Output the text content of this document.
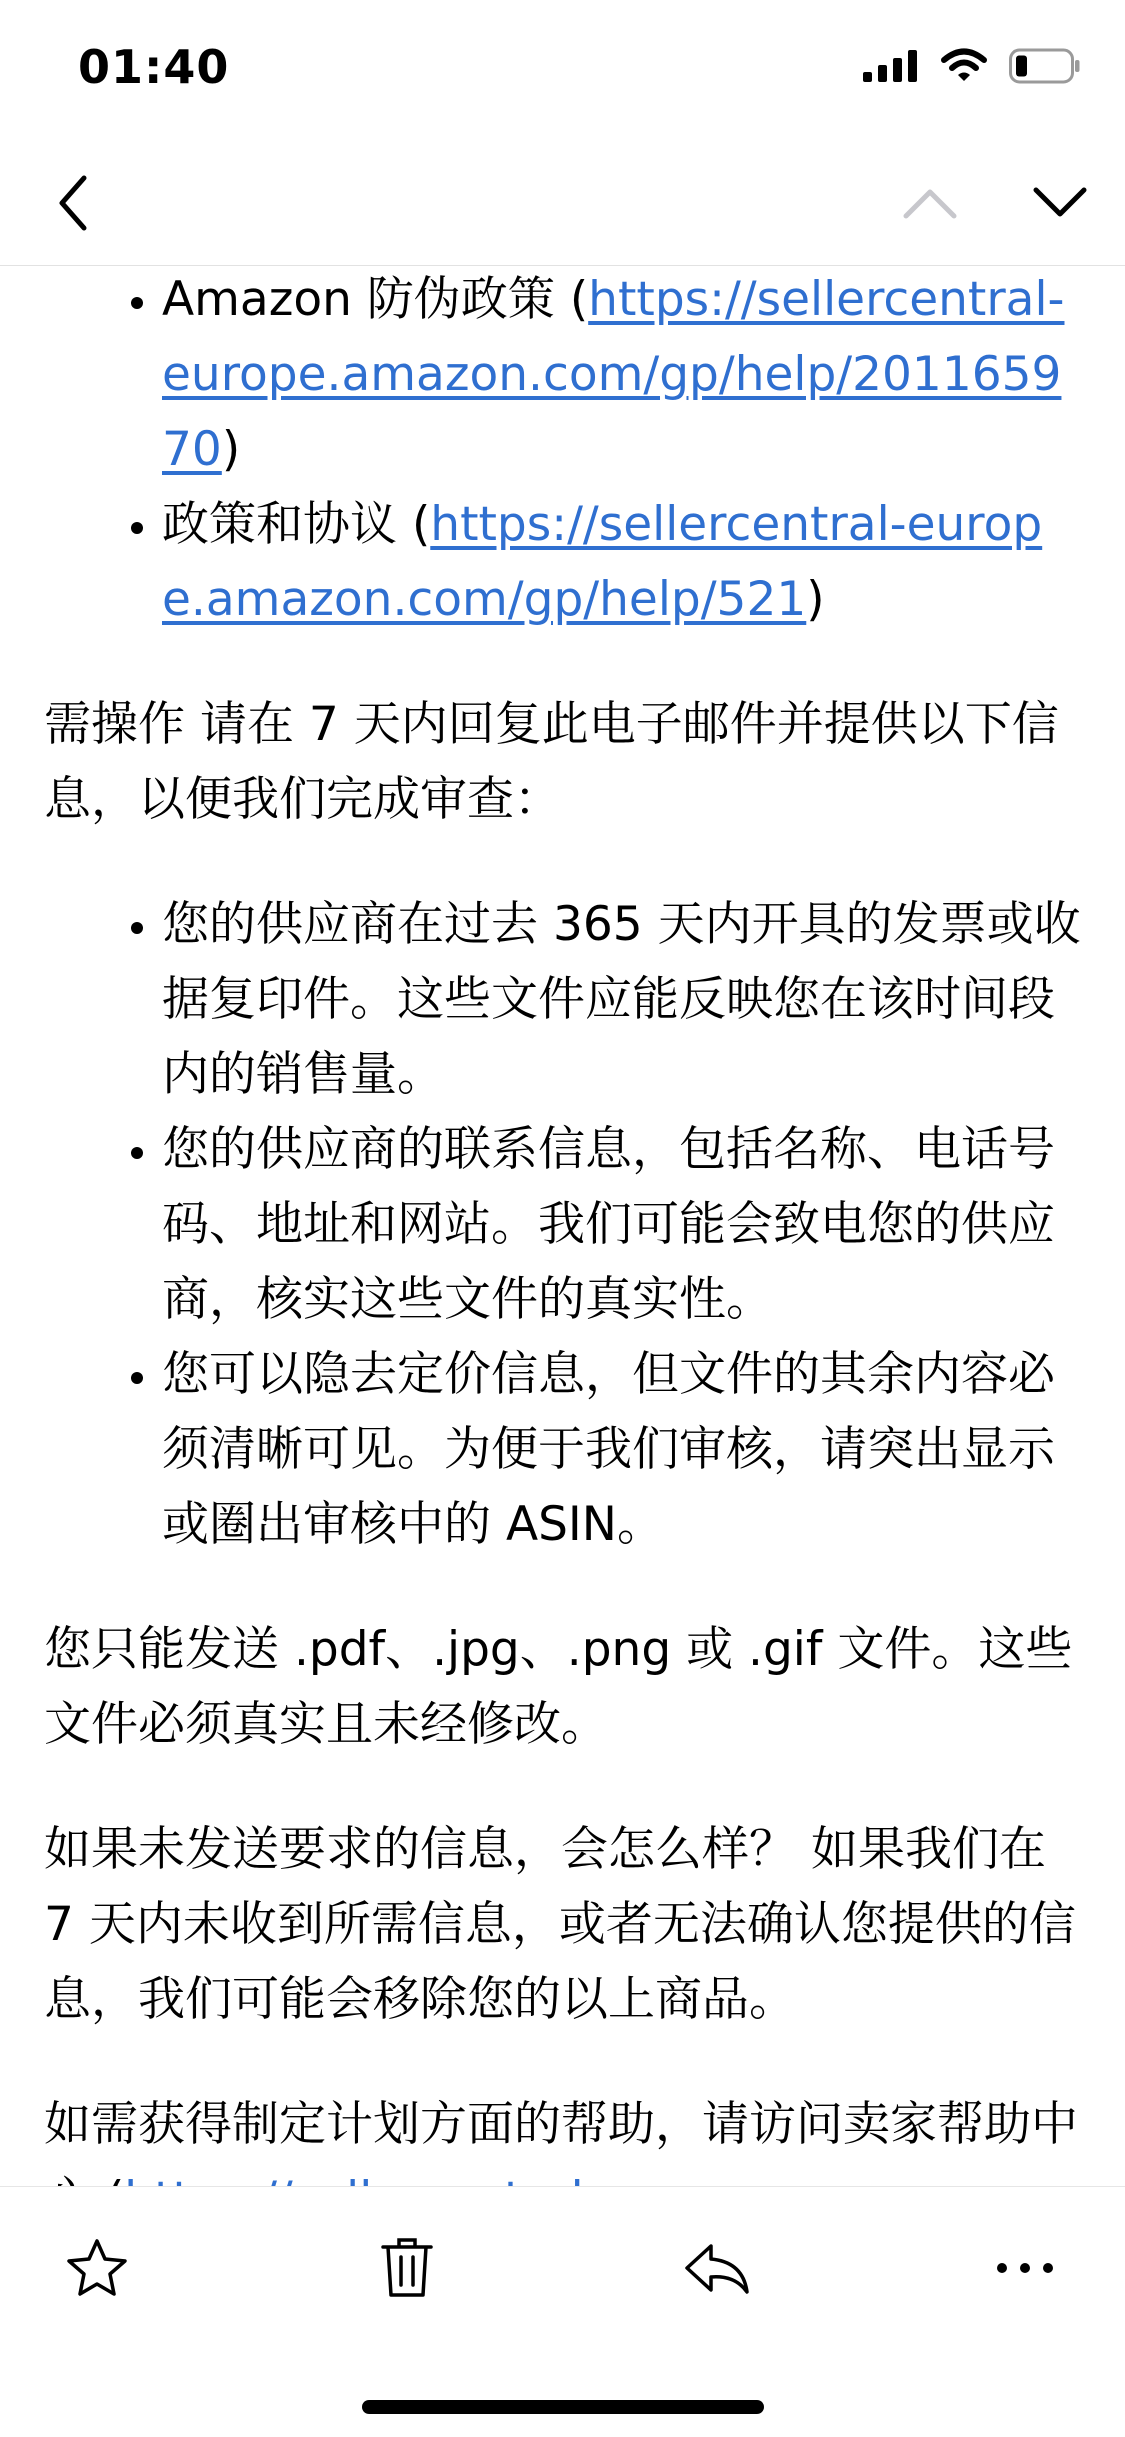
01:40
• Amazon 防伪政策 (https://sellercentral-europe.amazon.com/gp/help/201165970)
• 政策和协议 (https://sellercentral-europe.amazon.com/gp/help/521)

需操作 请在 7 天内回复此电子邮件并提供以下信息，以便我们完成审查：

• 您的供应商在过去 365 天内开具的发票或收据复印件。这些文件应能反映您在该时间段内的销售量。
• 您的供应商的联系信息，包括名称、电话号码、地址和网站。我们可能会致电您的供应商，核实这些文件的真实性。
• 您可以隐去定价信息，但文件的其余内容必须清晰可见。为便于我们审核，请突出显示或圈出审核中的 ASIN。

您只能发送 .pdf、.jpg、.png 或 .gif 文件。这些文件必须真实且未经修改。

如果未发送要求的信息，会怎么样？ 如果我们在 7 天内未收到所需信息，或者无法确认您提供的信息，我们可能会移除您的以上商品。

如需获得制定计划方面的帮助，请访问卖家帮助中
